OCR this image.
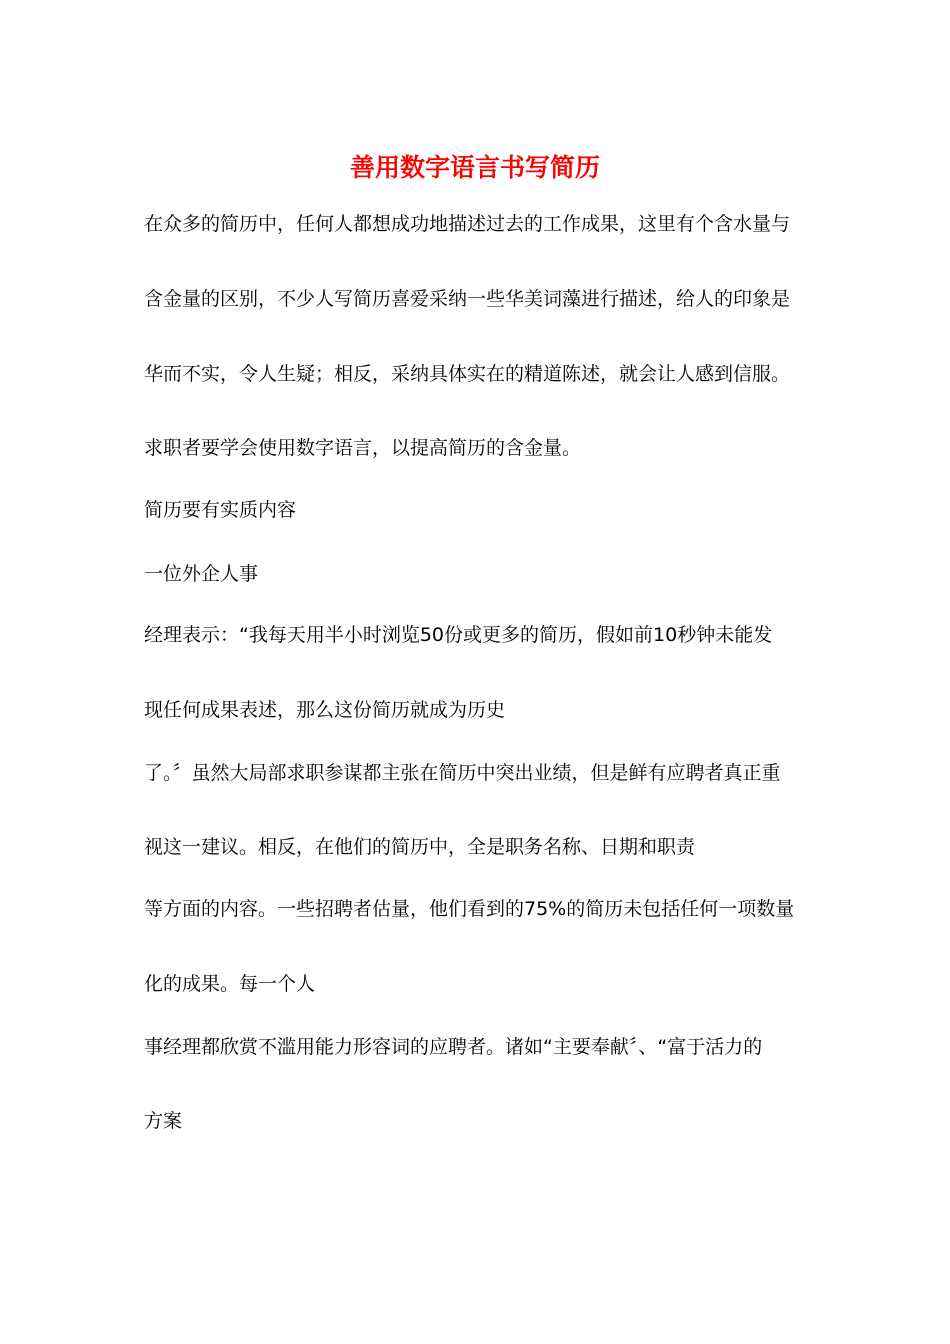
善用数字语言书写简历

在众多的简历中，任何人都想成功地描述过去的工作成果，这里有个含水量与

含金量的区别，不少人写简历喜爱采纳一些华美词藻进行描述，给人的印象是

华而不实，令人生疑；相反，采纳具体实在的精道陈述，就会让人感到信服。

求职者要学会使用数字语言，以提高简历的含金量。

简历要有实质内容

一位外企人事

经理表示：“我每天用半小时浏览50份或更多的简历，假如前10秒钟未能发

现任何成果表述，那么这份简历就成为历史

了。〞虽然大局部求职参谋都主张在简历中突出业绩，但是鲜有应聘者真正重

视这一建议。相反，在他们的简历中，全是职务名称、日期和职责

等方面的内容。一些招聘者估量，他们看到的75%的简历未包括任何一项数量

化的成果。每一个人

事经理都欣赏不滥用能力形容词的应聘者。诸如“主要奉献〞、“富于活力的

方案
